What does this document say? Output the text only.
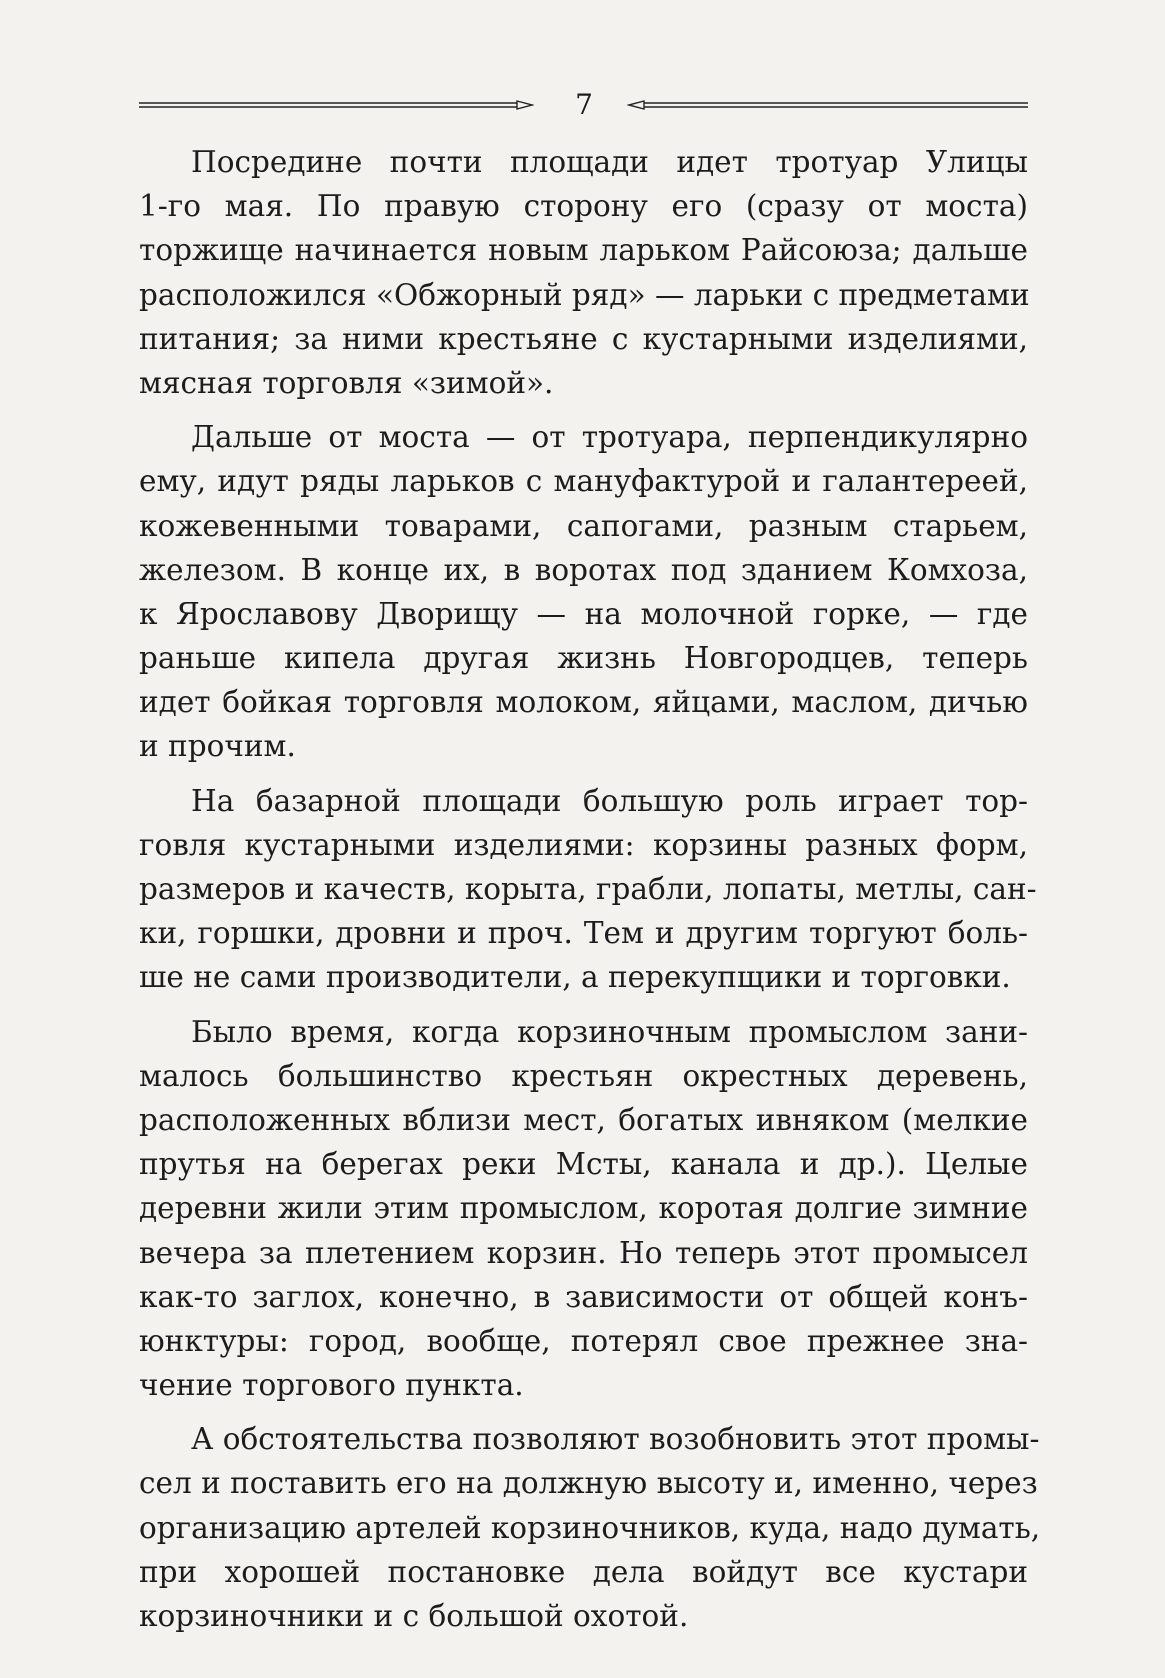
7
Посредине почти площади идет тротуар Улицы
1-го мая. По правую сторону его (сразу от моста)
торжище начинается новым ларьком Райсоюза; дальше
расположился «Обжорный ряд» — ларьки с предметами
питания; за ними крестьяне с кустарными изделиями,
мясная торговля «зимой».
Дальше от моста — от тротуара, перпендикулярно
ему, идут ряды ларьков с мануфактурой и галантереей,
кожевенными товарами, сапогами, разным старьем,
железом. В конце их, в воротах под зданием Комхоза,
к Ярославову Дворищу — на молочной горке, — где
раньше кипела другая жизнь Новгородцев, теперь
идет бойкая торговля молоком, яйцами, маслом, дичью
и прочим.
На базарной площади большую роль играет тор-
говля кустарными изделиями: корзины разных форм,
размеров и качеств, корыта, грабли, лопаты, метлы, сан-
ки, горшки, дровни и проч. Тем и другим торгуют боль-
ше не сами производители, а перекупщики и торговки.
Было время, когда корзиночным промыслом зани-
малось большинство крестьян окрестных деревень,
расположенных вблизи мест, богатых ивняком (мелкие
прутья на берегах реки Мсты, канала и др.). Целые
деревни жили этим промыслом, коротая долгие зимние
вечера за плетением корзин. Но теперь этот промысел
как-то заглох, конечно, в зависимости от общей конъ-
юнктуры: город, вообще, потерял свое прежнее зна-
чение торгового пункта.
А обстоятельства позволяют возобновить этот промы-
сел и поставить его на должную высоту и, именно, через
организацию артелей корзиночников, куда, надо думать,
при хорошей постановке дела войдут все кустари
корзиночники и с большой охотой.
